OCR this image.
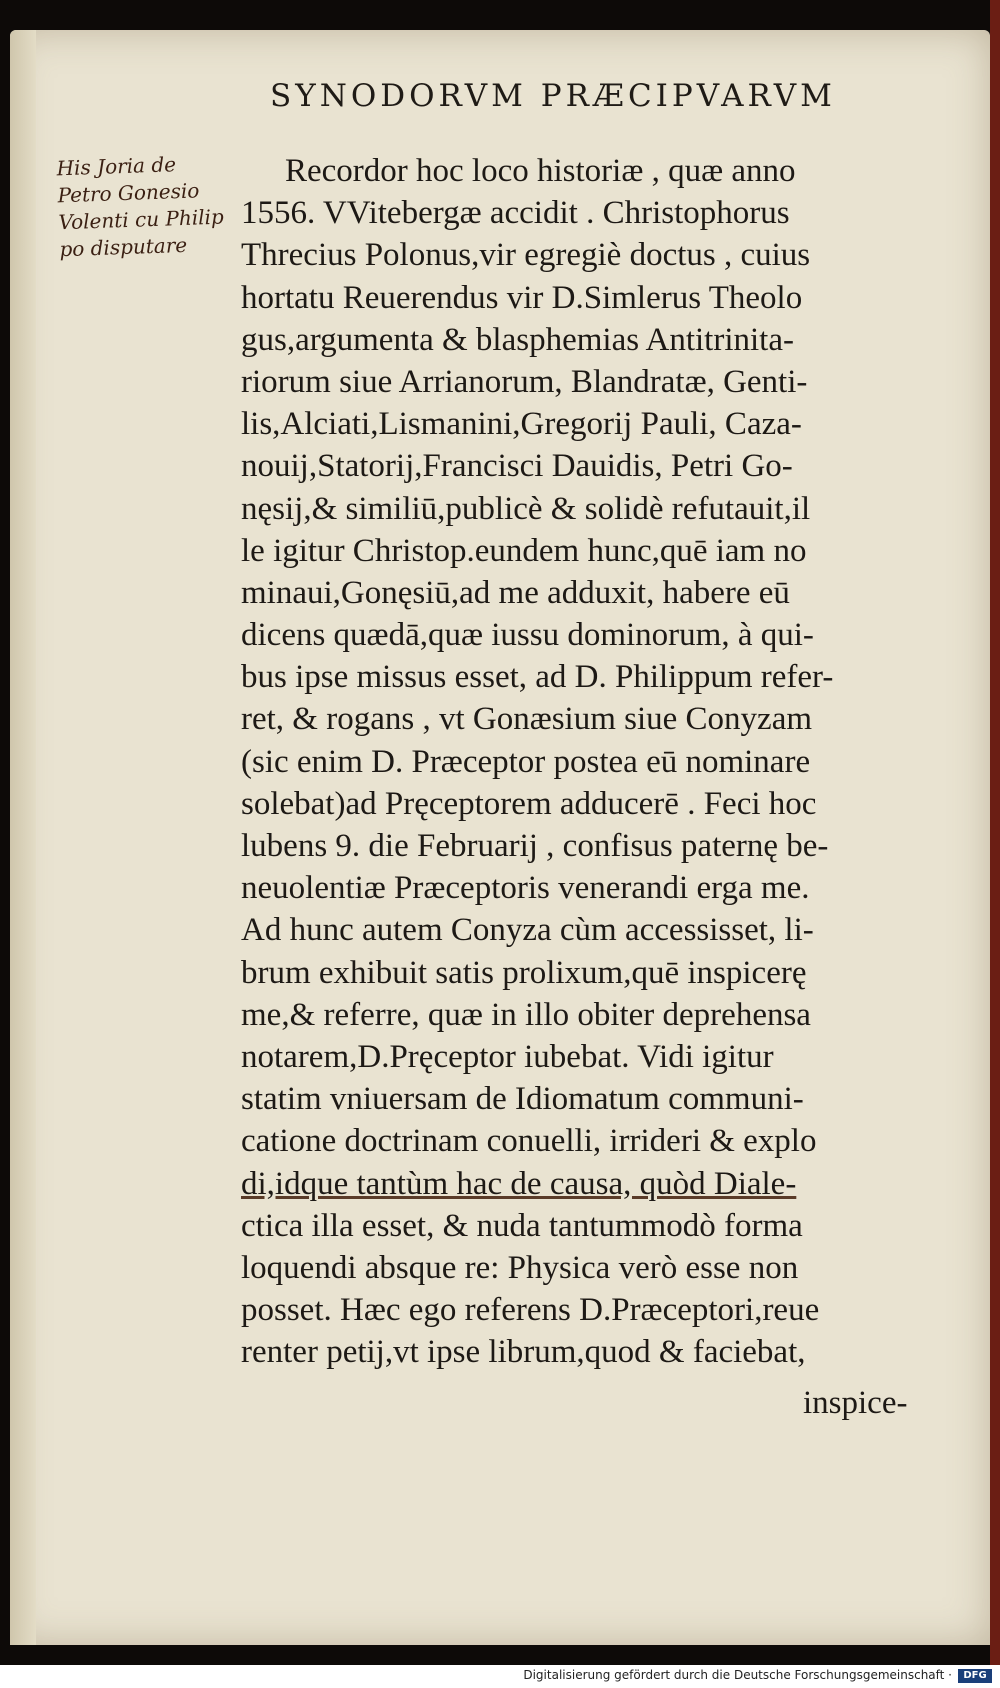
SYNODORVM PRÆCIPVARVM
His Joria de
Petro Gonesio
Volenti cu Philip
po disputare
Recordor hoc loco historiæ , quæ anno
1556. VVitebergæ accidit . Christophorus
Threcius Polonus,vir egregiè doctus , cuius
hortatu Reuerendus vir D.Simlerus Theolo
gus,argumenta & blasphemias Antitrinita-
riorum siue Arrianorum, Blandratæ, Genti-
lis,Alciati,Lismanini,Gregorij Pauli, Caza-
nouij,Statorij,Francisci Dauidis, Petri Go-
nęsij,& similiū,publicè & solidè refutauit,il
le igitur Christop.eundem hunc,quē iam no
minaui,Gonęsiū,ad me adduxit, habere eū
dicens quædā,quæ iussu dominorum, à qui-
bus ipse missus esset, ad D. Philippum refer-
ret, & rogans , vt Gonæsium siue Conyzam
(sic enim D. Præceptor postea eū nominare
solebat)ad Pręceptorem adducerē . Feci hoc
lubens 9. die Februarij , confisus paternę be-
neuolentiæ Præceptoris venerandi erga me.
Ad hunc autem Conyza cùm accessisset, li-
brum exhibuit satis prolixum,quē inspicerę
me,& referre, quæ in illo obiter deprehensa
notarem,D.Pręceptor iubebat. Vidi igitur
statim vniuersam de Idiomatum communi-
catione doctrinam conuelli, irrideri & explo
di,idque tantùm hac de causa, quòd Diale-
ctica illa esset, & nuda tantummodò forma
loquendi absque re: Physica verò esse non
posset. Hæc ego referens D.Præceptori,reue
renter petij,vt ipse librum,quod & faciebat,
inspice-
Digitalisierung gefördert durch die Deutsche Forschungsgemeinschaft ·	DFG
